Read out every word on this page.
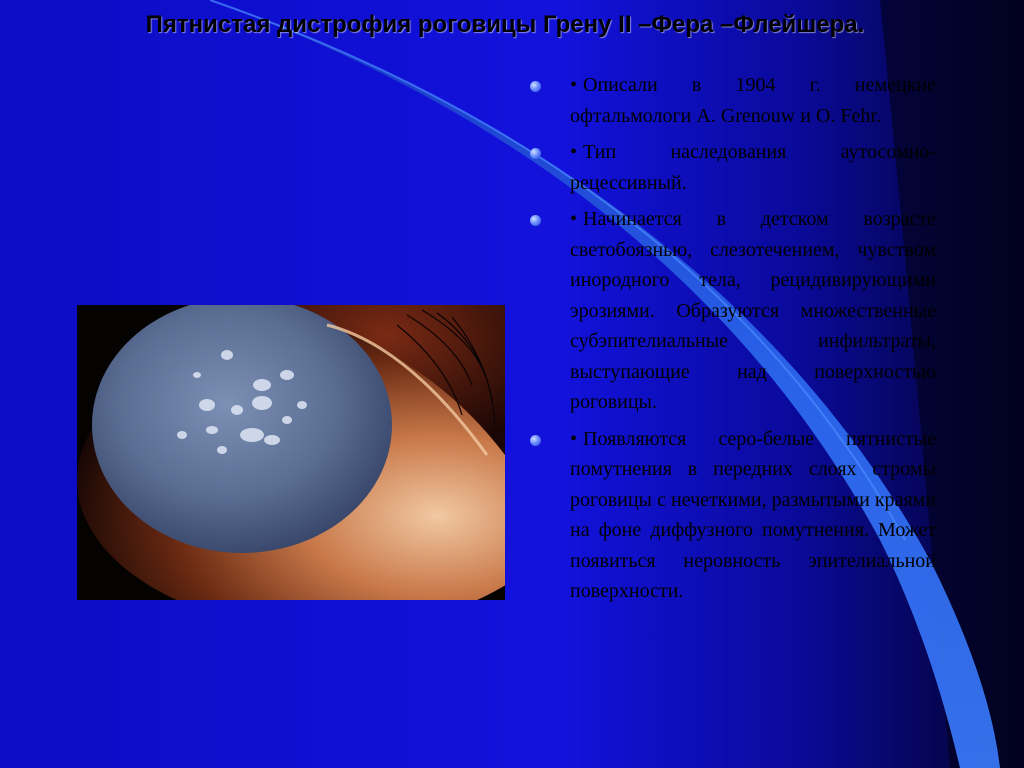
Пятнистая дистрофия роговицы Грену II –Фера –Флейшера.
• Описали в 1904 г. немецкие офтальмологи A. Grenouw и O. Fehr.
• Тип наследования аутосомно-рецессивный.
• Начинается в детском возрасте светобоязнью, слезотечением, чувством инородного тела, рецидивирующими эрозиями. Образуются множественные субэпителиальные инфильтраты, выступающие над поверхностью роговицы.
• Появляются серо-белые пятнистые помутнения в передних слоях стромы роговицы с нечеткими, размытыми краями на фоне диффузного помутнения. Может появиться неровность эпителиальной поверхности.
